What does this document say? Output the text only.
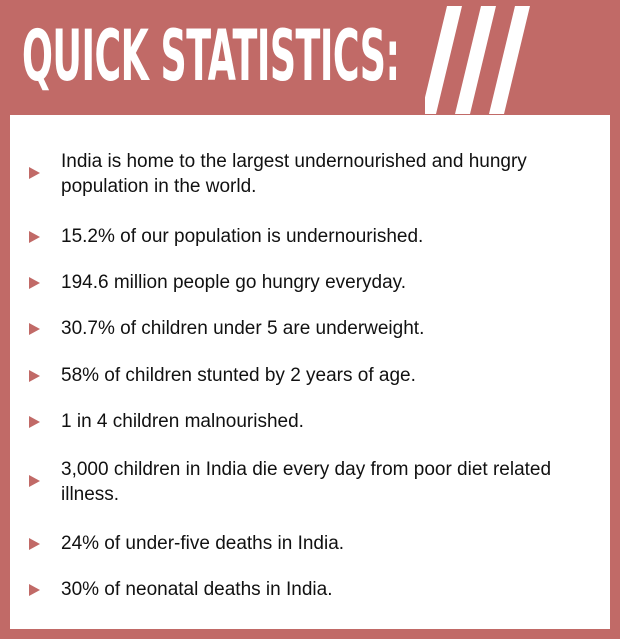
QUICK STATISTICS:
India is home to the largest undernourished and hungry population in the world.
15.2% of our population is undernourished.
194.6 million people go hungry everyday.
30.7% of children under 5 are underweight.
58% of children stunted by 2 years of age.
1 in 4 children malnourished.
3,000 children in India die every day from poor diet related illness.
24% of under-five deaths in India.
30% of neonatal deaths in India.
